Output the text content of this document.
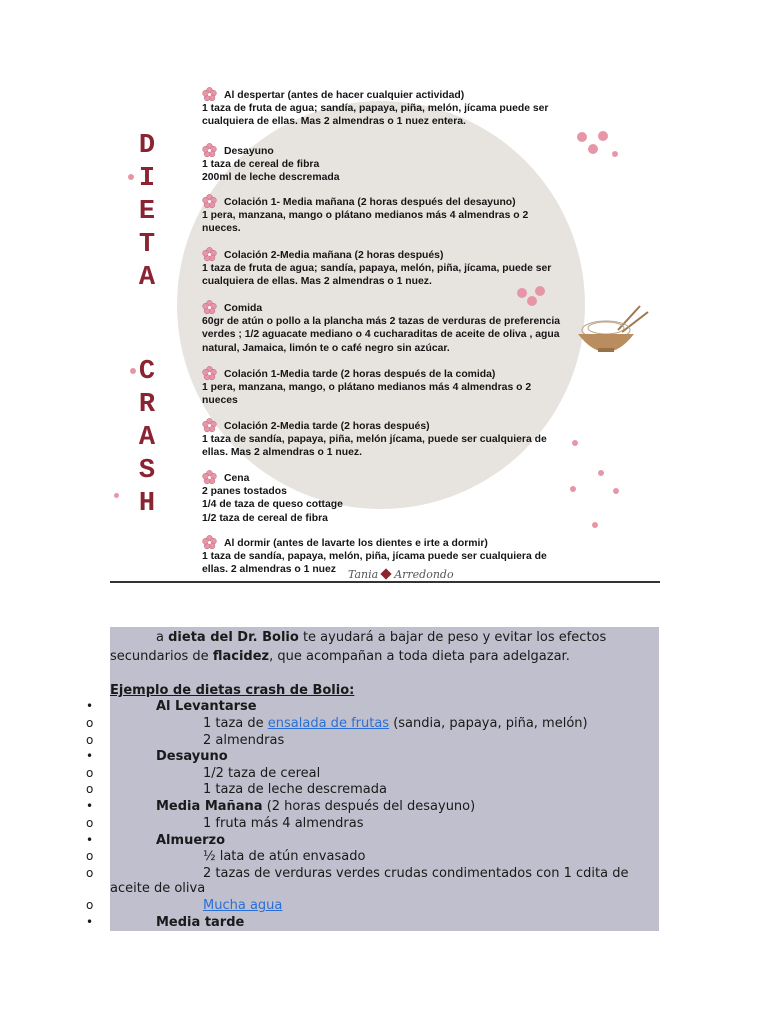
D
I
E
T
A
C
R
A
S
H
Al despertar (antes de hacer cualquier actividad)
1 taza de fruta de agua; sandía, papaya, piña, melón, jícama puede ser
cualquiera de ellas. Mas 2 almendras o 1 nuez entera.
Desayuno
1 taza de cereal de fibra
200ml de leche descremada
Colación 1- Media mañana (2 horas después del desayuno)
1 pera, manzana, mango o plátano medianos más 4 almendras o 2
nueces.
Colación 2-Media mañana (2 horas después)
1 taza de fruta de agua; sandía, papaya, melón, piña, jícama, puede ser
cualquiera de ellas. Mas 2 almendras o 1 nuez.
Comida
60gr de atún o pollo a la plancha más 2 tazas de verduras de preferencia
verdes ; 1/2 aguacate mediano o 4 cucharaditas de aceite de oliva , agua
natural, Jamaica, limón te o café negro sin azúcar.
Colación 1-Media tarde (2 horas después de la comida)
1 pera, manzana, mango, o plátano medianos más 4 almendras o 2
nueces
Colación 2-Media tarde (2 horas después)
1 taza de sandía, papaya, piña, melón jícama, puede ser cualquiera de
ellas. Mas 2 almendras o 1 nuez.
Cena
2 panes tostados
1/4 de taza de queso cottage
1/2 taza de cereal de fibra
Al dormir (antes de lavarte los dientes e irte a dormir)
1 taza de sandía, papaya, melón, piña, jícama puede ser cualquiera de
ellas. 2 almendras o 1 nuez	Tania Arredondo
a dieta del Dr. Bolio te ayudará a bajar de peso y evitar los efectos
secundarios de flacidez, que acompañan a toda dieta para adelgazar.
Ejemplo de dietas crash de Bolio:
•
o
o
•
o
o
•
o
•
o
o
o
•
Al Levantarse
1 taza de ensalada de frutas (sandia, papaya, piña, melón)
2 almendras
Desayuno
1/2 taza de cereal
1 taza de leche descremada
Media Mañana (2 horas después del desayuno)
1 fruta más 4 almendras
Almuerzo
½ lata de atún envasado
2 tazas de verduras verdes crudas condimentados con 1 cdita de
aceite de oliva
Mucha agua
Media tarde
